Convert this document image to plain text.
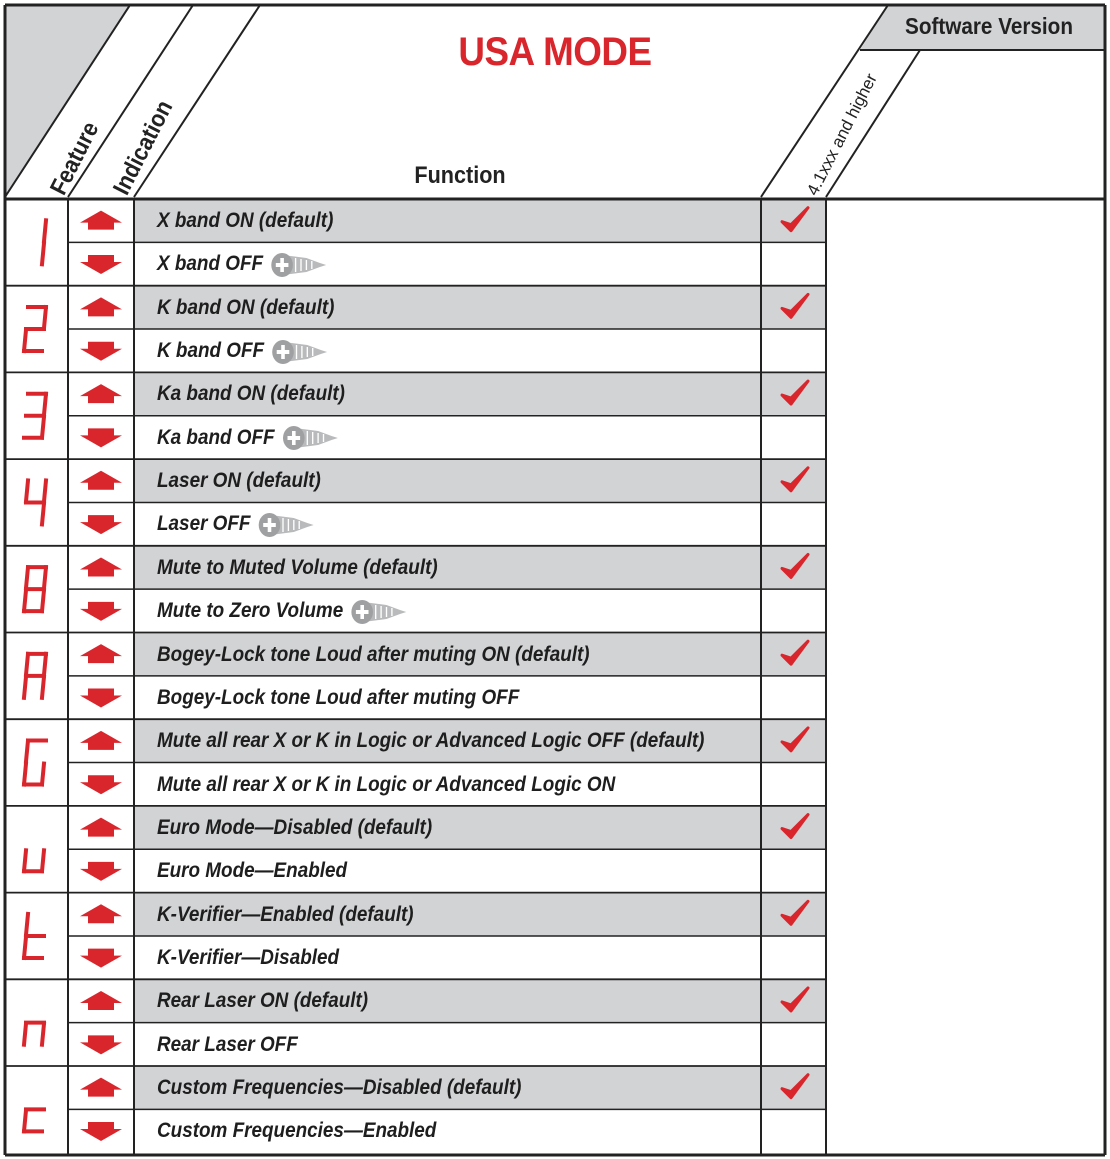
USA MODE
Software Version
Function
Feature Indication	4.1xxx and higher
X band ON (default)
X band OFF
K band ON (default)
K band OFF
Ka band ON (default)
Ka band OFF
Laser ON (default)
Laser OFF
Mute to Muted Volume (default)
Mute to Zero Volume
Bogey-Lock tone Loud after muting ON (default)
Bogey-Lock tone Loud after muting OFF
Mute all rear X or K in Logic or Advanced Logic OFF (default)
Mute all rear X or K in Logic or Advanced Logic ON
Euro Mode—Disabled (default)
Euro Mode—Enabled
K-Verifier—Enabled (default)
K-Verifier—Disabled
Rear Laser ON (default)
Rear Laser OFF
Custom Frequencies—Disabled (default)
Custom Frequencies—Enabled
